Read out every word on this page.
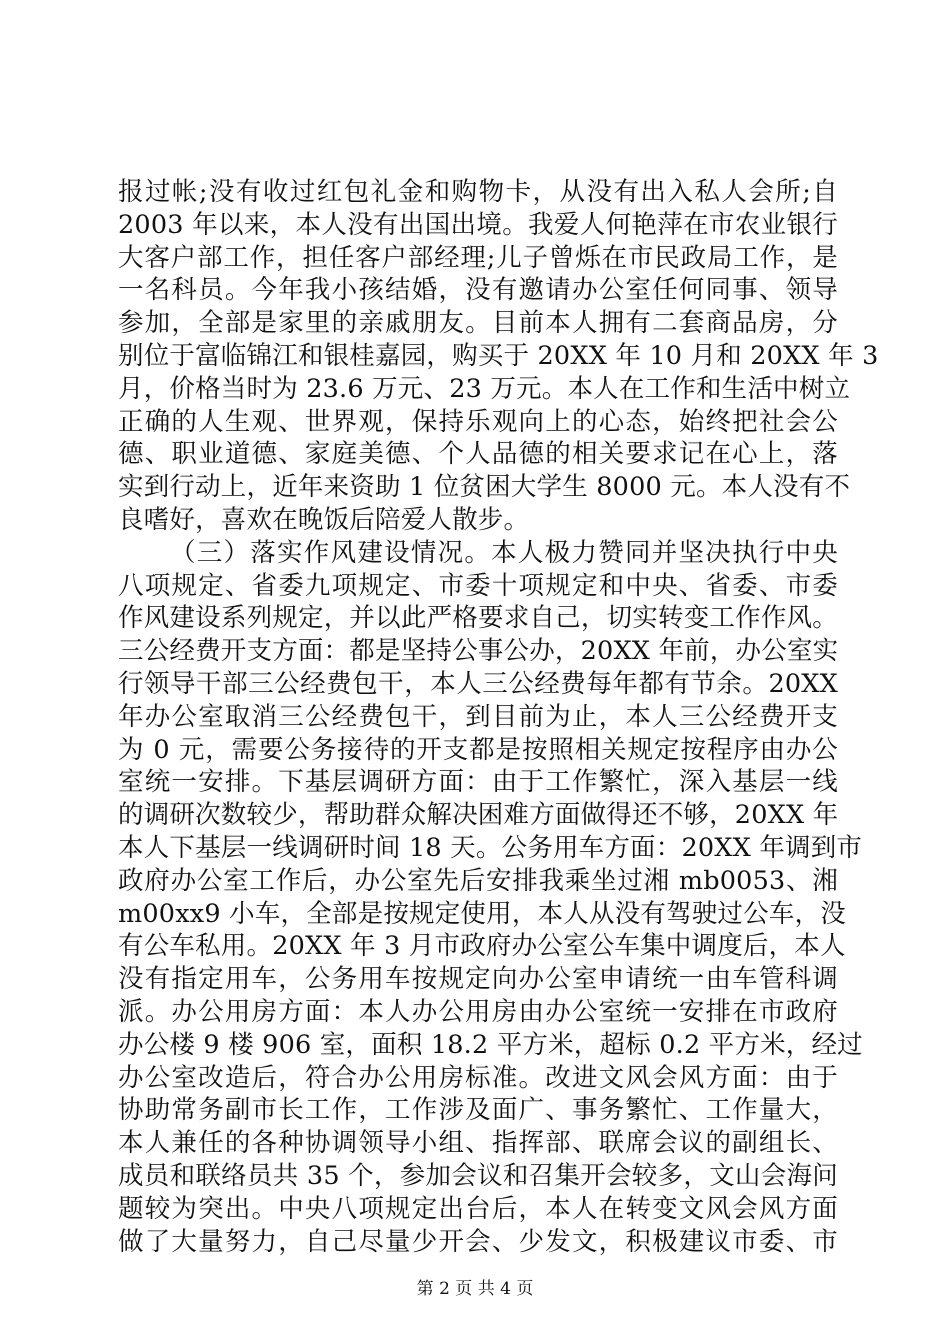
报过帐;没有收过红包礼金和购物卡，从没有出入私人会所;自
2003 年以来，本人没有出国出境。我爱人何艳萍在市农业银行
大客户部工作，担任客户部经理;儿子曾烁在市民政局工作，是
一名科员。今年我小孩结婚，没有邀请办公室任何同事、领导
参加，全部是家里的亲戚朋友。目前本人拥有二套商品房，分
别位于富临锦江和银桂嘉园，购买于 20XX 年 10 月和 20XX 年 3
月，价格当时为 23.6 万元、23 万元。本人在工作和生活中树立
正确的人生观、世界观，保持乐观向上的心态，始终把社会公
德、职业道德、家庭美德、个人品德的相关要求记在心上，落
实到行动上，近年来资助 1 位贫困大学生 8000 元。本人没有不
良嗜好，喜欢在晚饭后陪爱人散步。
（三）落实作风建设情况。本人极力赞同并坚决执行中央
八项规定、省委九项规定、市委十项规定和中央、省委、市委
作风建设系列规定，并以此严格要求自己，切实转变工作作风。
三公经费开支方面：都是坚持公事公办，20XX 年前，办公室实
行领导干部三公经费包干，本人三公经费每年都有节余。20XX
年办公室取消三公经费包干，到目前为止，本人三公经费开支
为 0 元，需要公务接待的开支都是按照相关规定按程序由办公
室统一安排。下基层调研方面：由于工作繁忙，深入基层一线
的调研次数较少，帮助群众解决困难方面做得还不够，20XX 年
本人下基层一线调研时间 18 天。公务用车方面：20XX 年调到市
政府办公室工作后，办公室先后安排我乘坐过湘 mb0053、湘
m00xx9 小车，全部是按规定使用，本人从没有驾驶过公车，没
有公车私用。20XX 年 3 月市政府办公室公车集中调度后，本人
没有指定用车，公务用车按规定向办公室申请统一由车管科调
派。办公用房方面：本人办公用房由办公室统一安排在市政府
办公楼 9 楼 906 室，面积 18.2 平方米，超标 0.2 平方米，经过
办公室改造后，符合办公用房标准。改进文风会风方面：由于
协助常务副市长工作，工作涉及面广、事务繁忙、工作量大，
本人兼任的各种协调领导小组、指挥部、联席会议的副组长、
成员和联络员共 35 个，参加会议和召集开会较多，文山会海问
题较为突出。中央八项规定出台后，本人在转变文风会风方面
做了大量努力，自己尽量少开会、少发文，积极建议市委、市
第 2 页 共 4 页
